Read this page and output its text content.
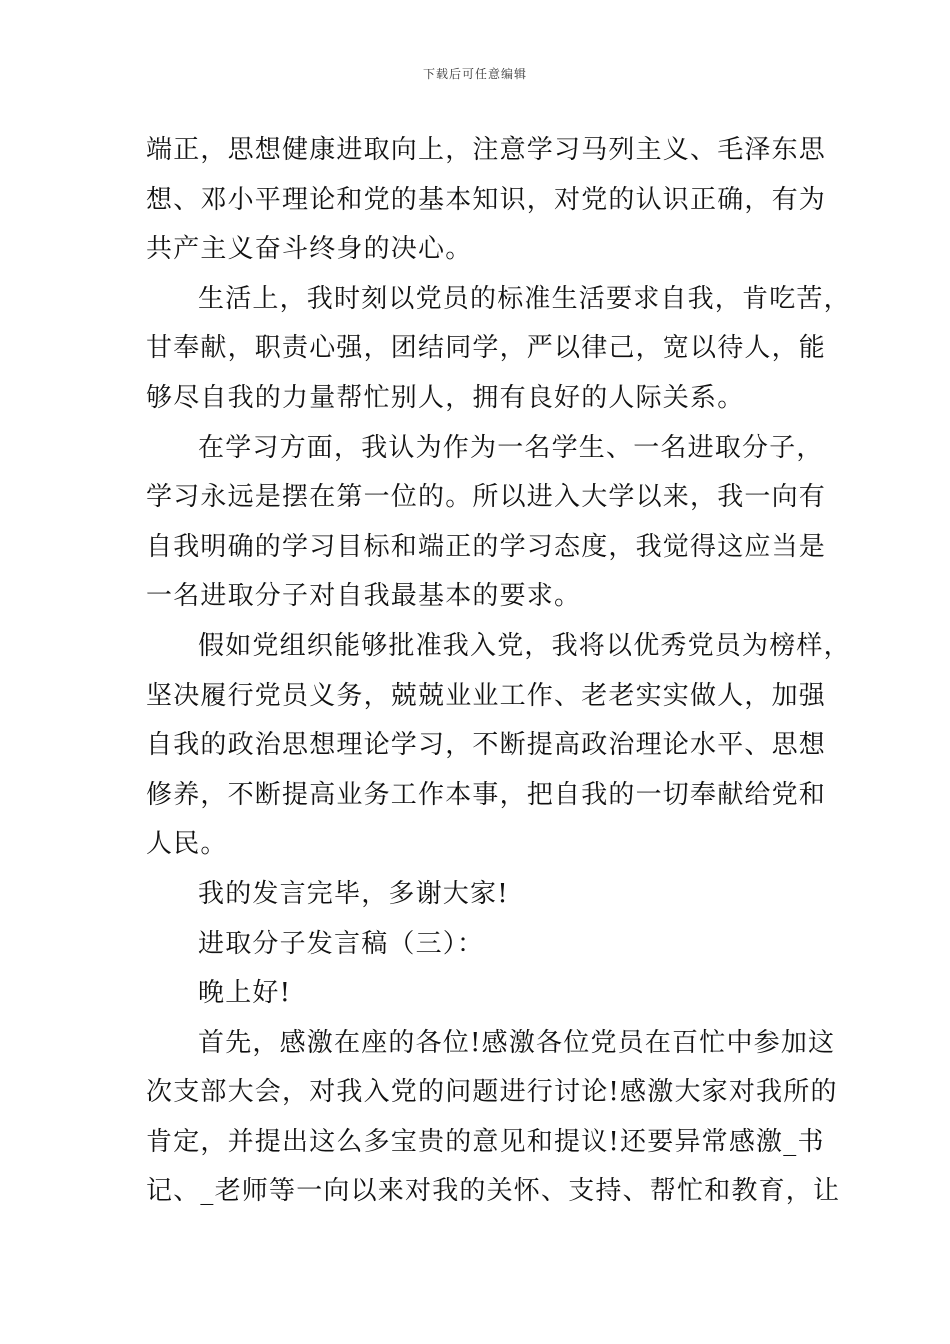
下载后可任意编辑
端正，思想健康进取向上，注意学习马列主义、毛泽东思
想、邓小平理论和党的基本知识，对党的认识正确，有为
共产主义奋斗终身的决心。
生活上，我时刻以党员的标准生活要求自我，肯吃苦，
甘奉献，职责心强，团结同学，严以律己，宽以待人，能
够尽自我的力量帮忙别人，拥有良好的人际关系。
在学习方面，我认为作为一名学生、一名进取分子，
学习永远是摆在第一位的。所以进入大学以来，我一向有
自我明确的学习目标和端正的学习态度，我觉得这应当是
一名进取分子对自我最基本的要求。
假如党组织能够批准我入党，我将以优秀党员为榜样，
坚决履行党员义务，兢兢业业工作、老老实实做人，加强
自我的政治思想理论学习，不断提高政治理论水平、思想
修养，不断提高业务工作本事，把自我的一切奉献给党和
人民。
我的发言完毕，多谢大家!
进取分子发言稿（三）：
晚上好!
首先，感激在座的各位!感激各位党员在百忙中参加这
次支部大会，对我入党的问题进行讨论!感激大家对我所的
肯定，并提出这么多宝贵的意见和提议!还要异常感激_书
记、_老师等一向以来对我的关怀、支持、帮忙和教育，让
